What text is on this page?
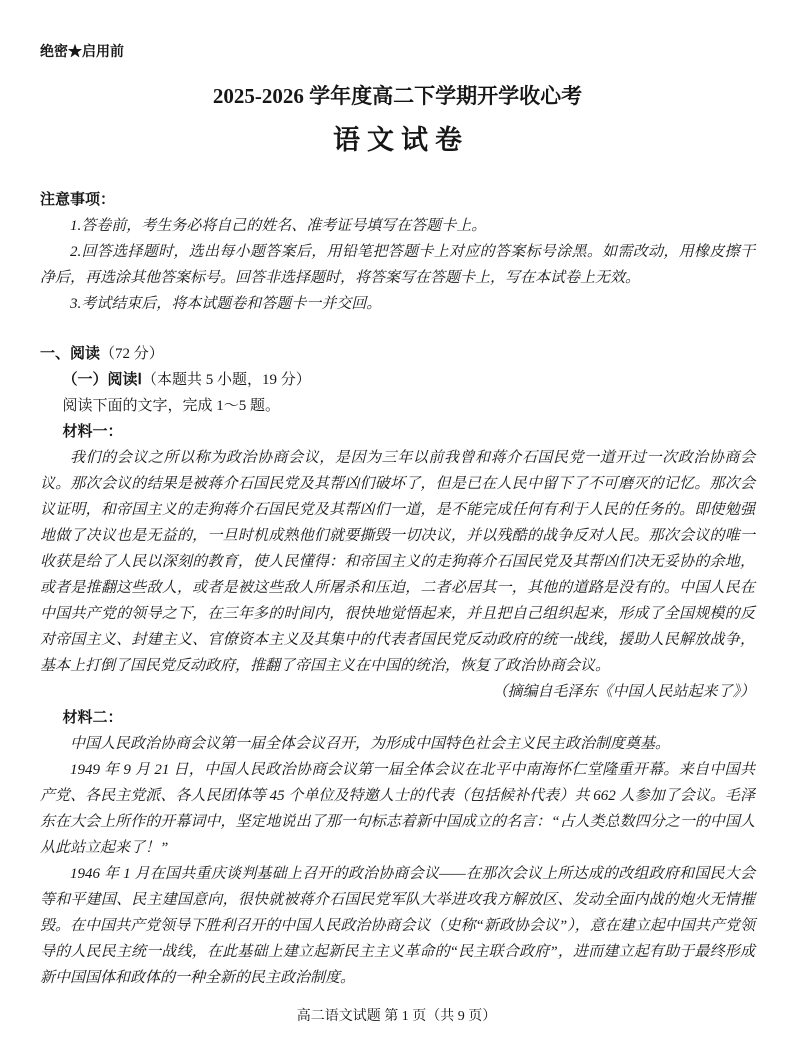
绝密★启用前
2025-2026 学年度高二下学期开学收心考
语文试卷
注意事项：

1.答卷前，考生务必将自己的姓名、准考证号填写在答题卡上。

2.回答选择题时，选出每小题答案后，用铅笔把答题卡上对应的答案标号涂黑。如需改动，用橡皮擦干净后，再选涂其他答案标号。回答非选择题时，将答案写在答题卡上，写在本试卷上无效。

3.考试结束后，将本试题卷和答题卡一并交回。

一、阅读（72 分）
（一）阅读Ⅰ（本题共 5 小题，19 分）

阅读下面的文字，完成 1～5 题。

材料一：

我们的会议之所以称为政治协商会议，是因为三年以前我曾和蒋介石国民党一道开过一次政治协商会议。那次会议的结果是被蒋介石国民党及其帮凶们破坏了，但是已在人民中留下了不可磨灭的记忆。那次会议证明，和帝国主义的走狗蒋介石国民党及其帮凶们一道，是不能完成任何有利于人民的任务的。即使勉强地做了决议也是无益的，一旦时机成熟他们就要撕毁一切决议，并以残酷的战争反对人民。那次会议的唯一收获是给了人民以深刻的教育，使人民懂得：和帝国主义的走狗蒋介石国民党及其帮凶们决无妥协的余地，或者是推翻这些敌人，或者是被这些敌人所屠杀和压迫，二者必居其一，其他的道路是没有的。中国人民在中国共产党的领导之下，在三年多的时间内，很快地觉悟起来，并且把自己组织起来，形成了全国规模的反对帝国主义、封建主义、官僚资本主义及其集中的代表者国民党反动政府的统一战线，援助人民解放战争，基本上打倒了国民党反动政府，推翻了帝国主义在中国的统治，恢复了政治协商会议。

（摘编自毛泽东《中国人民站起来了》）

材料二：

中国人民政治协商会议第一届全体会议召开，为形成中国特色社会主义民主政治制度奠基。

1949 年 9 月 21 日，中国人民政治协商会议第一届全体会议在北平中南海怀仁堂隆重开幕。来自中国共产党、各民主党派、各人民团体等 45 个单位及特邀人士的代表（包括候补代表）共 662 人参加了会议。毛泽东在大会上所作的开幕词中，坚定地说出了那一句标志着新中国成立的名言：“占人类总数四分之一的中国人从此站立起来了！”

1946 年 1 月在国共重庆谈判基础上召开的政治协商会议——在那次会议上所达成的改组政府和国民大会等和平建国、民主建国意向，很快就被蒋介石国民党军队大举进攻我方解放区、发动全面内战的炮火无情摧毁。在中国共产党领导下胜利召开的中国人民政治协商会议（史称“新政协会议”），意在建立起中国共产党领导的人民民主统一战线，在此基础上建立起新民主主义革命的“民主联合政府”，进而建立起有助于最终形成新中国国体和政体的一种全新的民主政治制度。

高二语文试题 第 1 页（共 9 页）
